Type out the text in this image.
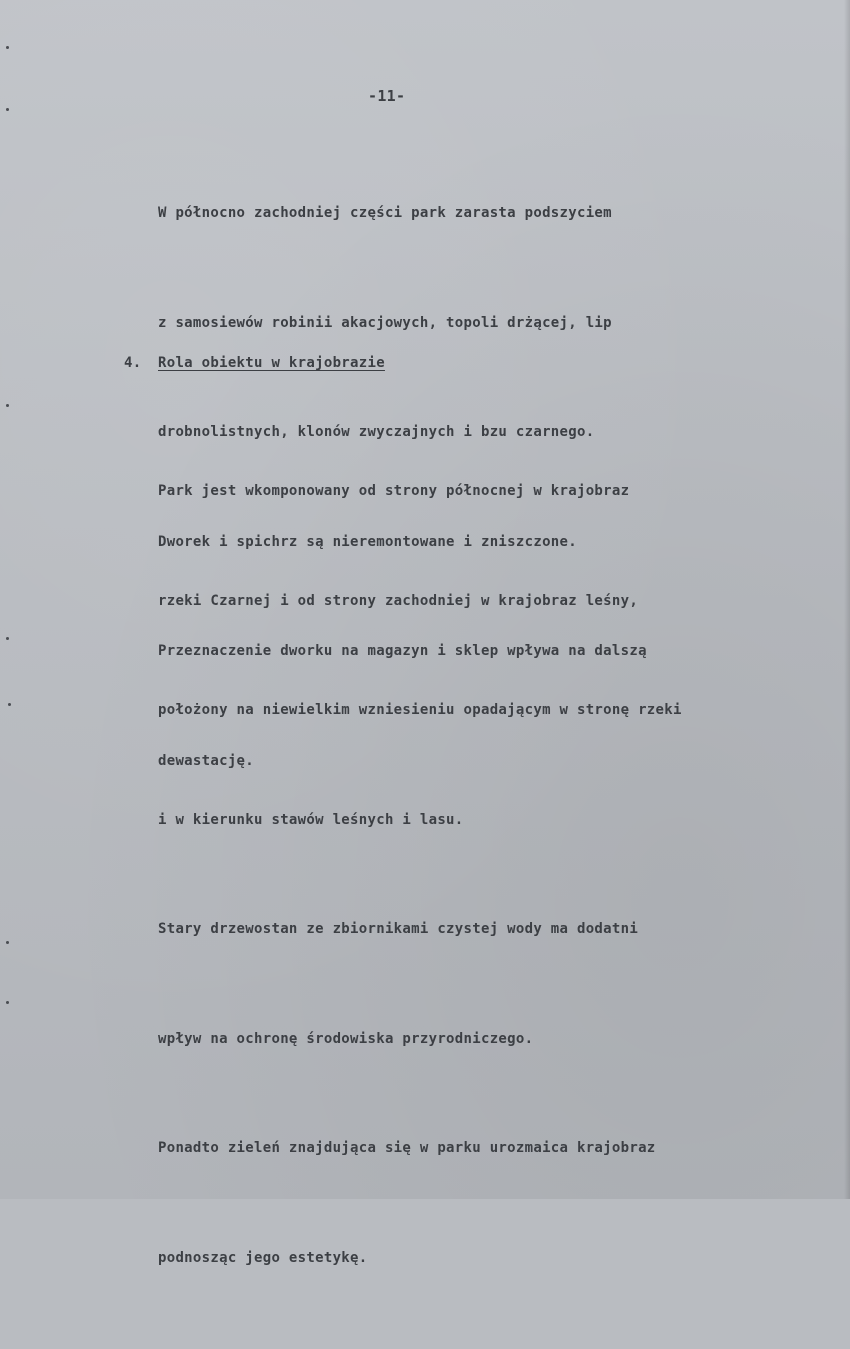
-11-

W północno zachodniej części park zarasta podszyciem

z samosiewów robinii akacjowych, topoli drżącej, lip

drobnolistnych, klonów zwyczajnych i bzu czarnego.

Dworek i spichrz są nieremontowane i zniszczone.

Przeznaczenie dworku na magazyn i sklep wpływa na dalszą

dewastację.

4. Rola obiektu w krajobrazie

Park jest wkomponowany od strony północnej w krajobraz

rzeki Czarnej i od strony zachodniej w krajobraz leśny,

położony na niewielkim wzniesieniu opadającym w stronę rzeki

i w kierunku stawów leśnych i lasu.

Stary drzewostan ze zbiornikami czystej wody ma dodatni

wpływ na ochronę środowiska przyrodniczego.

Ponadto zieleń znajdująca się w parku urozmaica krajobraz

podnosząc jego estetykę.
